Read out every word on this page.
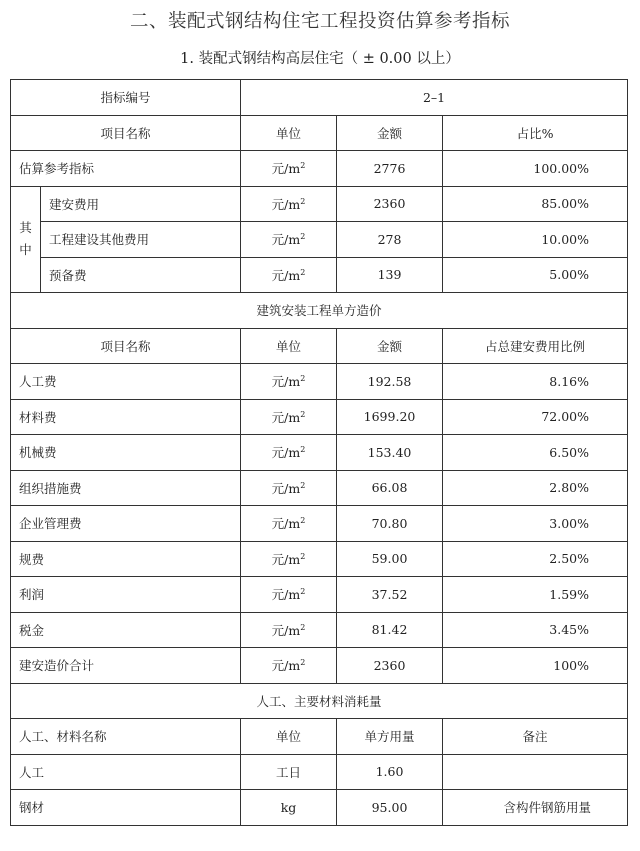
二、装配式钢结构住宅工程投资估算参考指标
1. 装配式钢结构高层住宅（ ± 0.00 以上）
指标编号		2–1		
项目名称		单位	金额	占比%
估算参考指标		元$/m^2$	2776	100.00%
其
中	建安费用	元$/m^2$	2360	85.00%
	工程建设其他费用	元$/m^2$	278	10.00%
	预备费	元$/m^2$	139	5.00%
建筑安装工程单方造价				
项目名称		单位	金额	占总建安费用比例
人工费		元$/m^2$	192.58	8.16%
材料费		元$/m^2$	1699.20	72.00%
机械费		元$/m^2$	153.40	6.50%
组织措施费		元$/m^2$	66.08	2.80%
企业管理费		元$/m^2$	70.80	3.00%
规费		元$/m^2$	59.00	2.50%
利润		元$/m^2$	37.52	1.59%
税金		元$/m^2$	81.42	3.45%
建安造价合计		元$/m^2$	2360	100%
人工、主要材料消耗量				
人工、材料名称		单位	单方用量	备注
人工		工日	1.60	
钢材		kg	95.00	含构件钢筋用量
